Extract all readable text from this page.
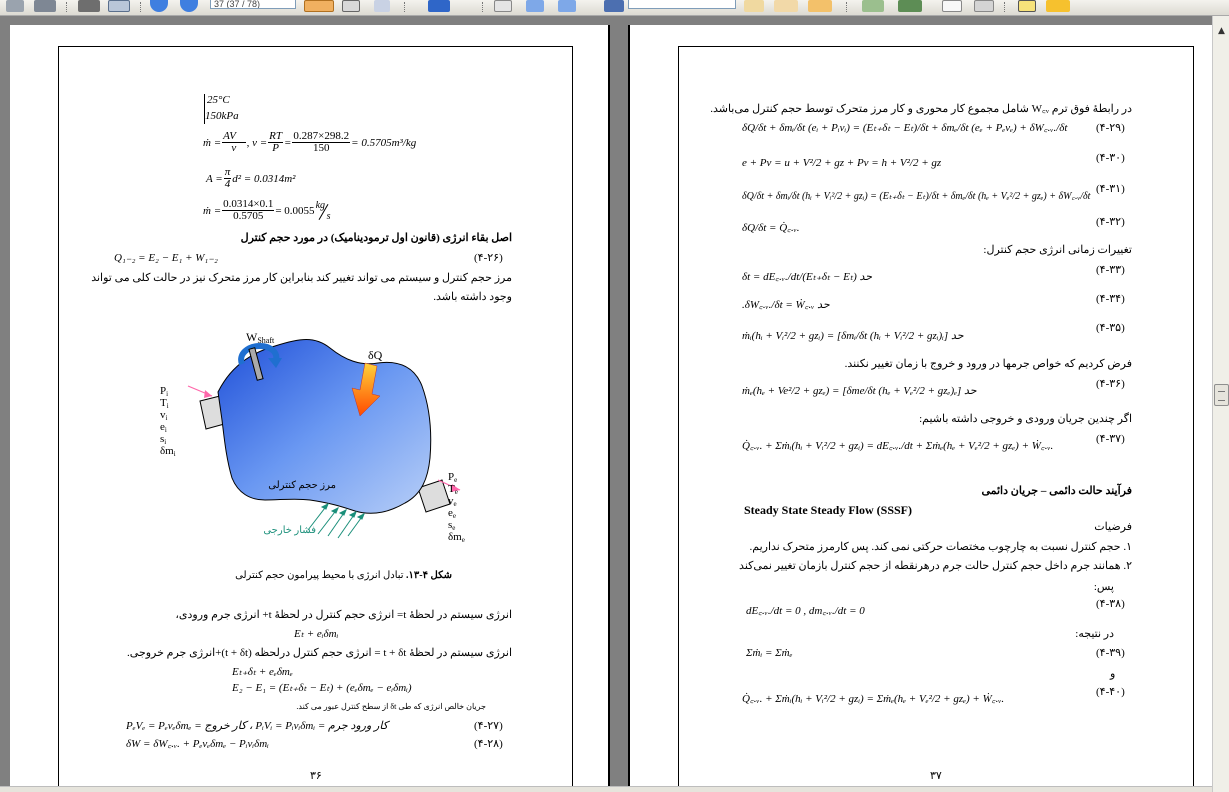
37 (37 / 78)
25°C
150kPa
ṁ = $\frac{AV⃗}{v}$ , $v = \frac{RT}{P} = \frac{0.287\times 298.2}{150} = 0.5705m^3/kg$
$A = \frac{\pi}{4} d^2 = 0.0314m^2$
ṁ = $\frac{0.0314\times 0.1}{0.5705} = 0.0055$ kg
s
اصل بقاء انرژی (قانون اول ترمودینامیک) در مورد حجم کنترل
Q₁₋₂ = E₂ − E₁ + W₁₋₂	(۴-۲۶)
مرز حجم کنترل و سیستم می تواند تغییر کند بنابراین کار مرز متحرک نیز در حالت کلی می تواند
وجود داشته باشد.
WShaft
δQ
مرز حجم کنترلی
فشار خارجی
Pi
Ti
vi
ei
si
δmi
Pe
Te
ve
ee
se
δme
شکل ۴-۱۳. تبادل انرژی با محیط پیرامون حجم کنترلی
انرژی سیستم در لحظهٔ t= انرژی حجم کنترل در لحظهٔ t+ انرژی جرم ورودی،
Eₜ + eᵢδmᵢ
انرژی سیستم در لحظهٔ t + δt = انرژی حجم کنترل درلحظه (t + δt)+انرژی جرم خروجی.
Eₜ₊δₜ + eₑδmₑ
E₂ − E₁ = (Eₜ₊δₜ − Eₜ) + (eₑδmₑ − eᵢδmᵢ)
جریان خالص انرژی که طی δt از سطح کنترل عبور می کند.
کار ورود جرم = PᵢVᵢ = Pᵢvᵢδmᵢ ، کار خروج = PₑVₑ = Pₑvₑδmₑ	(۴-۲۷)
δW = δW꜀.ᵥ. + Pₑvₑδmₑ − Pᵢvᵢδmᵢ	(۴-۲۸)
۳۶
در رابطهٔ فوق ترم W꜀ᵥ شامل مجموع کار محوری و کار مرز متحرک توسط حجم کنترل می‌باشد.
δQ/δt + δmᵢ/δt (eᵢ + Pᵢvᵢ) = (Eₜ₊δₜ − Eₜ)/δt + δmₑ/δt (eₑ + Pₑvₑ) + δW꜀.ᵥ./δt	(۴-۲۹)
e + Pv = u + V²/2 + gz + Pv = h + V²/2 + gz	(۴-۳۰)
δQ/δt + δmᵢ/δt (hᵢ + Vᵢ²/2 + gzᵢ) = (Eₜ₊δₜ − Eₜ)/δt + δmₑ/δt (hₑ + Vₑ²/2 + gzₑ) + δW꜀.ᵥ/δt
(۴-۳۱)
δQ/δt = Q̇꜀.ᵥ.	(۴-۳۲)
تغییرات زمانی انرژی حجم کنترل:
حد (Eₜ₊δₜ − Eₜ)/δt = dE꜀.ᵥ./dt
(۴-۳۳)
حد δW꜀.ᵥ./δt = Ẇ꜀.ᵥ.	(۴-۳۴)
حد [δmᵢ/δt (hᵢ + Vᵢ²/2 + gzᵢ)ᵢ] = ṁᵢ(hᵢ + Vᵢ²/2 + gzᵢ)
(۴-۳۵)
فرض کردیم که خواص جرمها در ورود و خروج با زمان تغییر نکنند.
حد [δme/δt (hₑ + Vₑ²/2 + gzₑ)ₑ] = ṁₑ(hₑ + Ve²/2 + gzₑ)
(۴-۳۶)
اگر چندین جریان ورودی و خروجی داشته باشیم:
Q̇꜀.ᵥ. + Σṁᵢ(hᵢ + Vᵢ²/2 + gzᵢ) = dE꜀.ᵥ./dt + Σṁₑ(hₑ + Vₑ²/2 + gzₑ) + Ẇ꜀.ᵥ.
(۴-۳۷)
فرآیند حالت دائمی – جریان دائمی
Steady State Steady Flow (SSSF)
فرضیات
١. حجم کنترل نسبت به چارچوب مختصات حرکتی نمی کند. پس کارمرز متحرک نداریم.
٢. همانند جرم داخل حجم کنترل حالت جرم درهرنقطه از حجم کنترل بازمان تغییر نمی‌کند
پس:
dE꜀.ᵥ./dt = 0 , dm꜀.ᵥ./dt = 0
(۴-۳۸)
در نتیجه:
Σṁᵢ = Σṁₑ	(۴-۳۹)
و
Q̇꜀.ᵥ. + Σṁᵢ(hᵢ + Vᵢ²/2 + gzᵢ) = Σṁₑ(hₑ + Vₑ²/2 + gzₑ) + Ẇ꜀.ᵥ.
(۴-۴۰)
۳۷
▲
